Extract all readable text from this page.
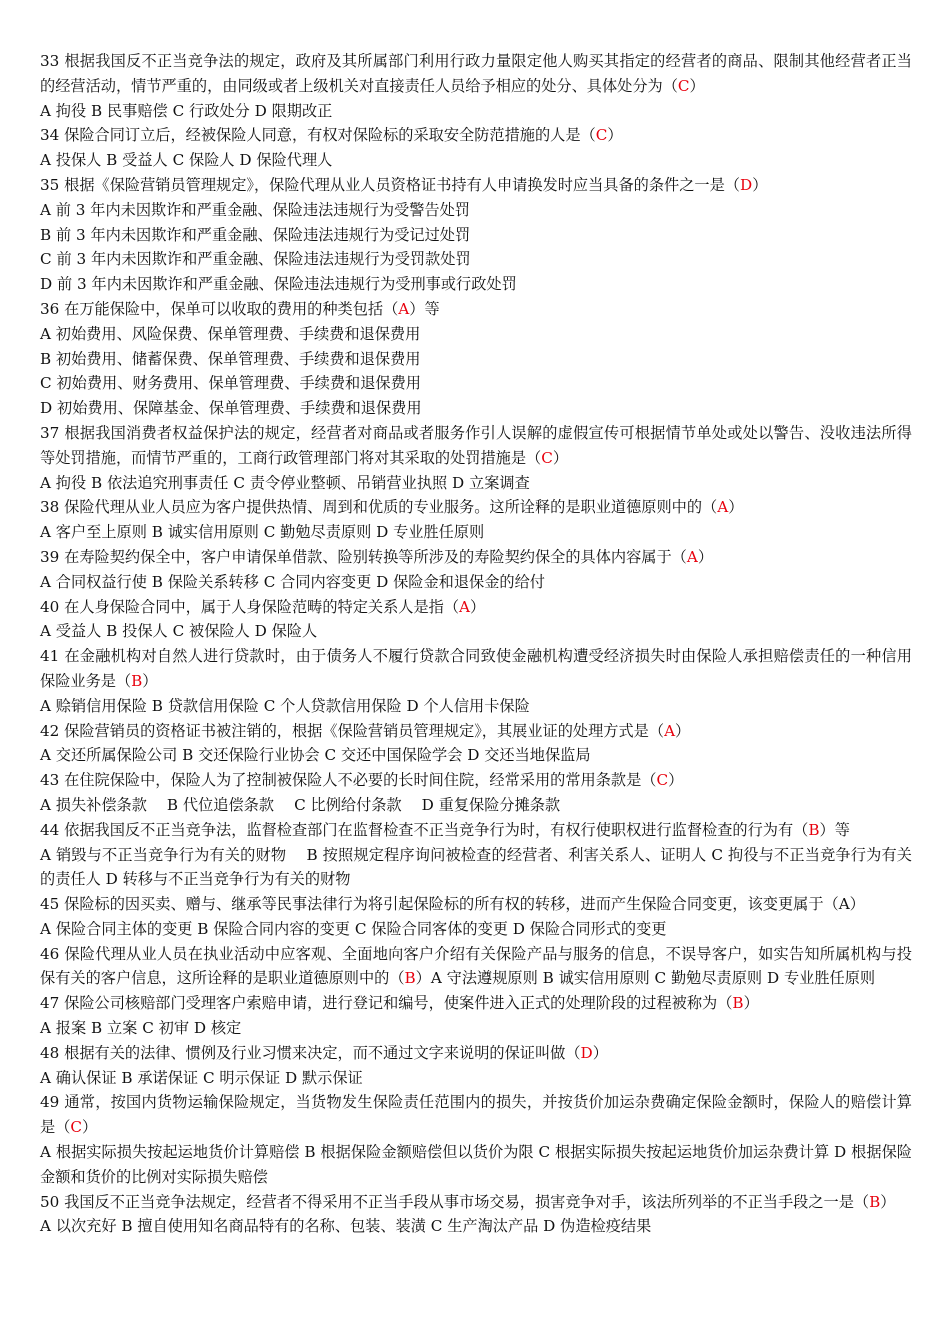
33 根据我国反不正当竞争法的规定，政府及其所属部门利用行政力量限定他人购买其指定的经营者的商品、限制其他经营者正当的经营活动，情节严重的，由同级或者上级机关对直接责任人员给予相应的处分、具体处分为（C）

A 拘役 B 民事赔偿 C 行政处分 D 限期改正

34 保险合同订立后，经被保险人同意，有权对保险标的采取安全防范措施的人是（C）

A 投保人 B 受益人 C 保险人 D 保险代理人

35 根据《保险营销员管理规定》，保险代理从业人员资格证书持有人申请换发时应当具备的条件之一是（D）

A 前 3 年内未因欺诈和严重金融、保险违法违规行为受警告处罚

B 前 3 年内未因欺诈和严重金融、保险违法违规行为受记过处罚

C 前 3 年内未因欺诈和严重金融、保险违法违规行为受罚款处罚

D 前 3 年内未因欺诈和严重金融、保险违法违规行为受刑事或行政处罚

36 在万能保险中，保单可以收取的费用的种类包括（A）等

A 初始费用、风险保费、保单管理费、手续费和退保费用

B 初始费用、储蓄保费、保单管理费、手续费和退保费用

C 初始费用、财务费用、保单管理费、手续费和退保费用

D 初始费用、保障基金、保单管理费、手续费和退保费用

37 根据我国消费者权益保护法的规定，经营者对商品或者服务作引人误解的虚假宣传可根据情节单处或处以警告、没收违法所得等处罚措施，而情节严重的，工商行政管理部门将对其采取的处罚措施是（C）

A 拘役 B 依法追究刑事责任 C 责令停业整顿、吊销营业执照 D 立案调查

38 保险代理从业人员应为客户提供热情、周到和优质的专业服务。这所诠释的是职业道德原则中的（A）

A 客户至上原则 B 诚实信用原则 C 勤勉尽责原则 D 专业胜任原则

39 在寿险契约保全中，客户申请保单借款、险别转换等所涉及的寿险契约保全的具体内容属于（A）

A 合同权益行使 B 保险关系转移 C 合同内容变更 D 保险金和退保金的给付

40 在人身保险合同中，属于人身保险范畴的特定关系人是指（A）

A 受益人 B 投保人 C 被保险人 D 保险人

41 在金融机构对自然人进行贷款时，由于债务人不履行贷款合同致使金融机构遭受经济损失时由保险人承担赔偿责任的一种信用保险业务是（B）

A 赊销信用保险 B 贷款信用保险 C 个人贷款信用保险 D 个人信用卡保险

42 保险营销员的资格证书被注销的，根据《保险营销员管理规定》，其展业证的处理方式是（A）

A 交还所属保险公司 B 交还保险行业协会 C 交还中国保险学会 D 交还当地保监局

43 在住院保险中，保险人为了控制被保险人不必要的长时间住院，经常采用的常用条款是（C）

A 损失补偿条款　 B 代位追偿条款　 C 比例给付条款　 D 重复保险分摊条款

44 依据我国反不正当竞争法，监督检查部门在监督检查不正当竞争行为时，有权行使职权进行监督检查的行为有（B）等

A 销毁与不正当竞争行为有关的财物　 B 按照规定程序询问被检查的经营者、利害关系人、证明人 C 拘役与不正当竞争行为有关的责任人 D 转移与不正当竞争行为有关的财物

45 保险标的因买卖、赠与、继承等民事法律行为将引起保险标的所有权的转移，进而产生保险合同变更，该变更属于（A）

A 保险合同主体的变更 B 保险合同内容的变更 C 保险合同客体的变更 D 保险合同形式的变更

46 保险代理从业人员在执业活动中应客观、全面地向客户介绍有关保险产品与服务的信息，不误导客户，如实告知所属机构与投保有关的客户信息，这所诠释的是职业道德原则中的（B）A 守法遵规原则 B 诚实信用原则 C 勤勉尽责原则 D 专业胜任原则

47 保险公司核赔部门受理客户索赔申请，进行登记和编号，使案件进入正式的处理阶段的过程被称为（B）

A 报案 B 立案 C 初审 D 核定

48 根据有关的法律、惯例及行业习惯来决定，而不通过文字来说明的保证叫做（D）

A 确认保证 B 承诺保证 C 明示保证 D 默示保证

49 通常，按国内货物运输保险规定，当货物发生保险责任范围内的损失，并按货价加运杂费确定保险金额时，保险人的赔偿计算是（C）

A 根据实际损失按起运地货价计算赔偿 B 根据保险金额赔偿但以货价为限 C 根据实际损失按起运地货价加运杂费计算 D 根据保险金额和货价的比例对实际损失赔偿

50 我国反不正当竞争法规定，经营者不得采用不正当手段从事市场交易，损害竞争对手，该法所列举的不正当手段之一是（B）

A 以次充好 B 擅自使用知名商品特有的名称、包装、装潢 C 生产淘汰产品 D 伪造检疫结果
